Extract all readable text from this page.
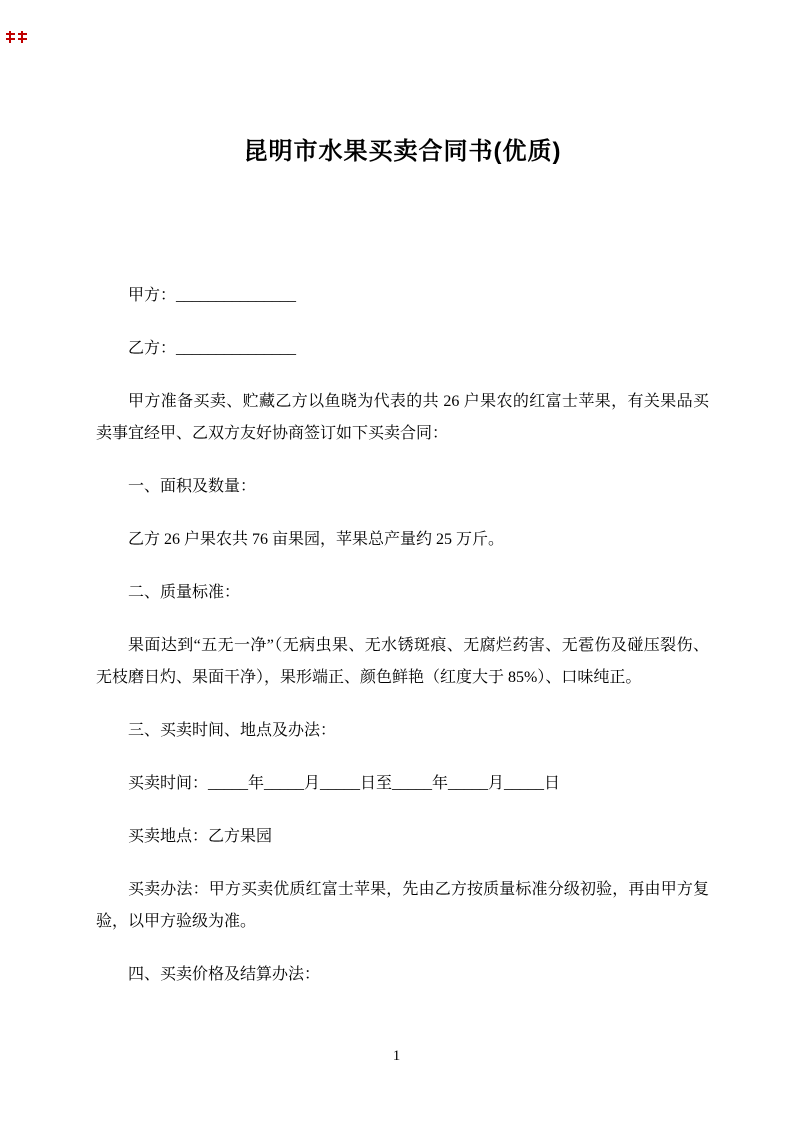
昆明市水果买卖合同书(优质)

甲方：_______________

乙方：_______________

甲方准备买卖、贮藏乙方以鱼晓为代表的共 26 户果农的红富士苹果，有关果品买卖事宜经甲、乙双方友好协商签订如下买卖合同：

一、面积及数量：

乙方 26 户果农共 76 亩果园，苹果总产量约 25 万斤。

二、质量标准：

果面达到“五无一净”（无病虫果、无水锈斑痕、无腐烂药害、无雹伤及碰压裂伤、无枝磨日灼、果面干净），果形端正、颜色鲜艳（红度大于 85%）、口味纯正。

三、买卖时间、地点及办法：

买卖时间：_____年_____月_____日至_____年_____月_____日

买卖地点：乙方果园

买卖办法：甲方买卖优质红富士苹果，先由乙方按质量标准分级初验，再由甲方复验，以甲方验级为准。

四、买卖价格及结算办法：

1
